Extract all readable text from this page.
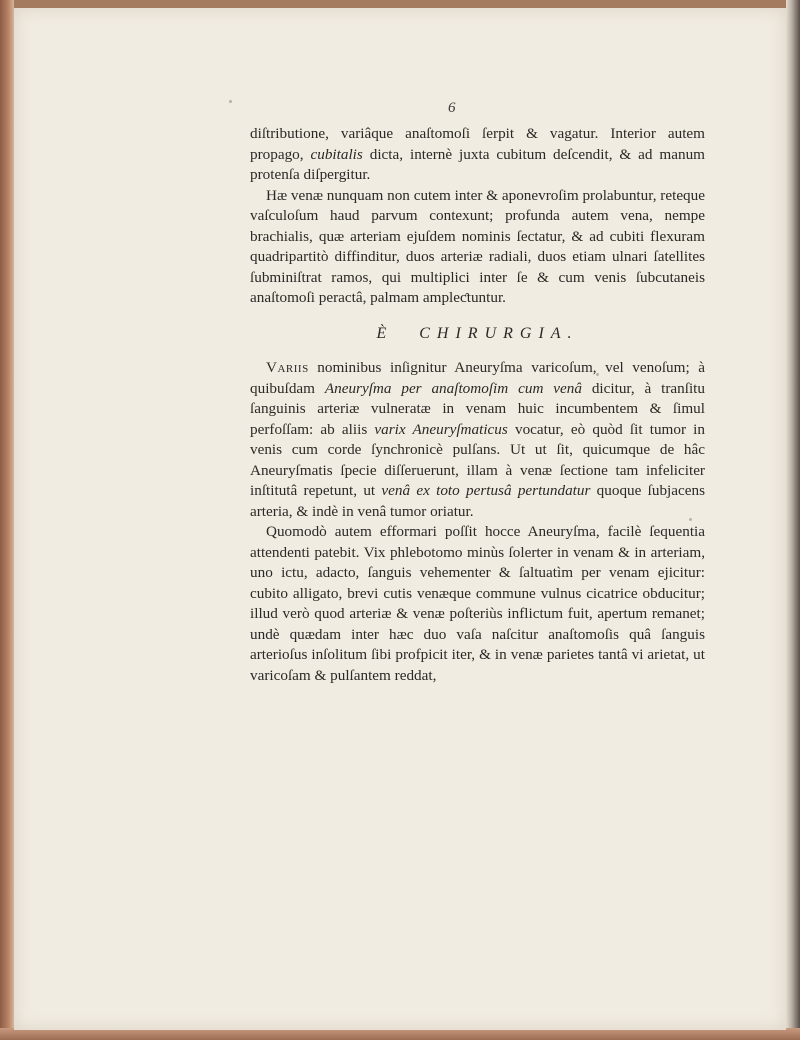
6

diſtributione, variâque anaſtomoſi ſerpit & vagatur. Interior autem propago, cubitalis dicta, internè juxta cubitum deſcendit, & ad manum protenſa diſpergitur.

Hæ venæ nunquam non cutem inter & aponevroſim prolabuntur, reteque vaſculoſum haud parvum contexunt; profunda autem vena, nempe brachialis, quæ arteriam ejuſdem nominis ſectatur, & ad cubiti flexuram quadripartitò diffinditur, duos arteriæ radiali, duos etiam ulnari ſatellites ſubminiſtrat ramos, qui multiplici inter ſe & cum venis ſubcutaneis anaſtomoſi peractâ, palmam ampleƈtuntur.

È CHIRURGIA.

Variis nominibus inſignitur Aneuryſma varicoſum, vel venoſum; à quibuſdam Aneuryſma per anaſtomoſim cum venâ dicitur, à tranſitu ſanguinis arteriæ vulneratæ in venam huic incumbentem & ſimul perfoſſam: ab aliis varix Aneuryſmaticus vocatur, eò quòd ſit tumor in venis cum corde ſynchronicè pulſans. Ut ut ſit, quicumque de hâc Aneuryſmatis ſpecie diſſeruerunt, illam à venæ ſectione tam infeliciter inſtitutâ repetunt, ut venâ ex toto pertusâ pertundatur quoque ſubjacens arteria, & indè in venâ tumor oriatur.

Quomodò autem efformari poſſit hocce Aneuryſma, facilè ſequentia attendenti patebit. Vix phlebotomo minùs ſolerter in venam & in arteriam, uno ictu, adacto, ſanguis vehementer & ſaltuatìm per venam ejicitur: cubito alligato, brevi cutis venæque commune vulnus cicatrice obducitur; illud verò quod arteriæ & venæ poſteriùs inflictum fuit, apertum remanet; undè quædam inter hæc duo vaſa naſcitur anaſtomoſis quâ ſanguis arterioſus inſolitum ſibi profpicit iter, & in venæ parietes tantâ vi arietat, ut varicoſam & pulſantem reddat,
